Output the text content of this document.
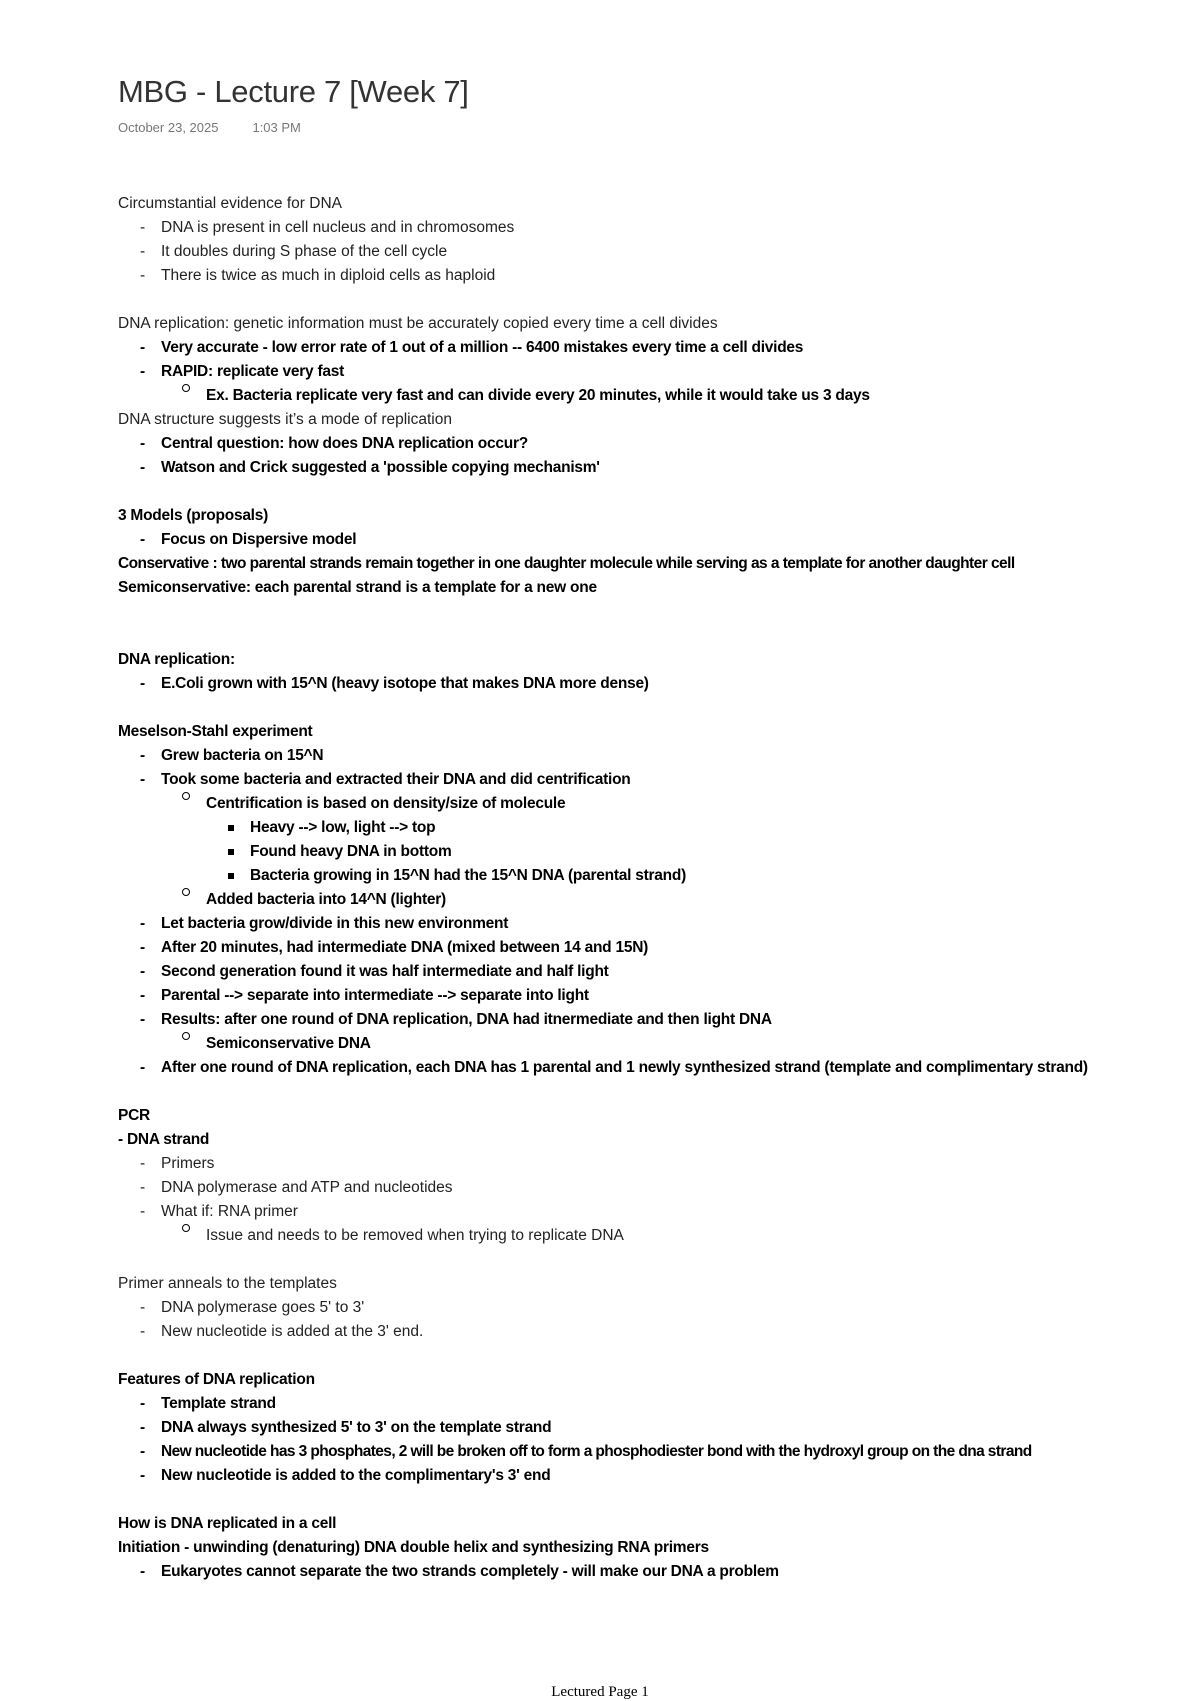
MBG - Lecture 7 [Week 7]
October 23, 2025	1:03 PM
Circumstantial evidence for DNA
- DNA is present in cell nucleus and in chromosomes
- It doubles during S phase of the cell cycle
- There is twice as much in diploid cells as haploid
DNA replication: genetic information must be accurately copied every time a cell divides
- Very accurate - low error rate of 1 out of a million -- 6400 mistakes every time a cell divides
- RAPID: replicate very fast
Ex. Bacteria replicate very fast and can divide every 20 minutes, while it would take us 3 days
DNA structure suggests it’s a mode of replication
- Central question: how does DNA replication occur?
- Watson and Crick suggested a 'possible copying mechanism'
3 Models (proposals)
- Focus on Dispersive model
Conservative : two parental strands remain together in one daughter molecule while serving as a template for another daughter cell
Semiconservative: each parental strand is a template for a new one
DNA replication:
- E.Coli grown with 15^N (heavy isotope that makes DNA more dense)
Meselson-Stahl experiment
- Grew bacteria on 15^N
- Took some bacteria and extracted their DNA and did centrification
Centrification is based on density/size of molecule
Heavy --> low, light --> top
Found heavy DNA in bottom
Bacteria growing in 15^N had the 15^N DNA (parental strand)
Added bacteria into 14^N (lighter)
- Let bacteria grow/divide in this new environment
- After 20 minutes, had intermediate DNA (mixed between 14 and 15N)
- Second generation found it was half intermediate and half light
- Parental --> separate into intermediate --> separate into light
- Results: after one round of DNA replication, DNA had itnermediate and then light DNA
Semiconservative DNA
- After one round of DNA replication, each DNA has 1 parental and 1 newly synthesized strand (template and complimentary strand)
PCR
- DNA strand
- Primers
- DNA polymerase and ATP and nucleotides
- What if: RNA primer
Issue and needs to be removed when trying to replicate DNA
Primer anneals to the templates
- DNA polymerase goes 5' to 3'
- New nucleotide is added at the 3' end.
Features of DNA replication
- Template strand
- DNA always synthesized 5' to 3' on the template strand
- New nucleotide has 3 phosphates, 2 will be broken off to form a phosphodiester bond with the hydroxyl group on the dna strand
- New nucleotide is added to the complimentary's 3' end
How is DNA replicated in a cell
Initiation - unwinding (denaturing) DNA double helix and synthesizing RNA primers
- Eukaryotes cannot separate the two strands completely - will make our DNA a problem
Lectured Page 1
